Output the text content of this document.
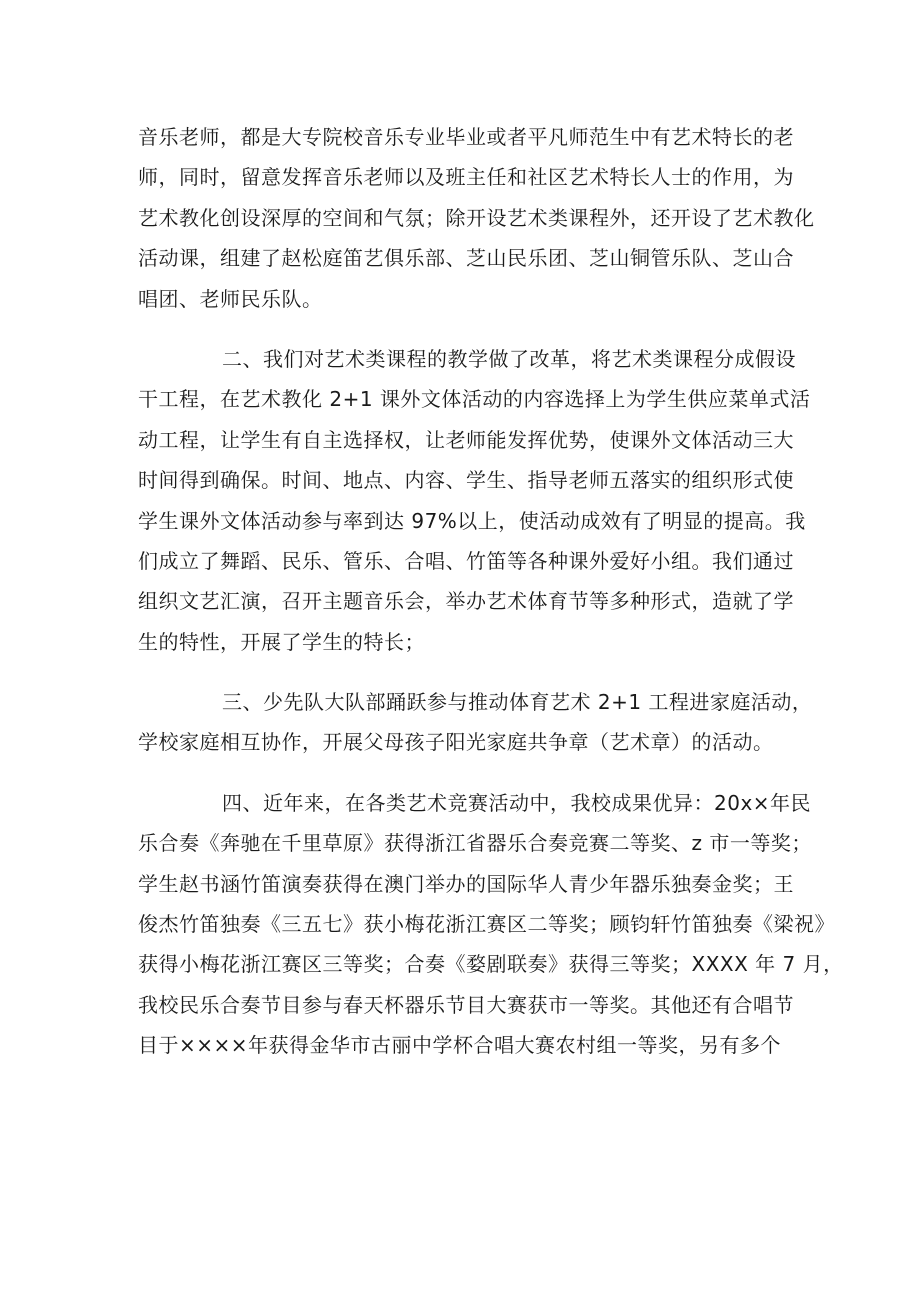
音乐老师，都是大专院校音乐专业毕业或者平凡师范生中有艺术特长的老
师，同时，留意发挥音乐老师以及班主任和社区艺术特长人士的作用，为
艺术教化创设深厚的空间和气氛；除开设艺术类课程外，还开设了艺术教化
活动课，组建了赵松庭笛艺俱乐部、芝山民乐团、芝山铜管乐队、芝山合
唱团、老师民乐队。
二、我们对艺术类课程的教学做了改革，将艺术类课程分成假设
干工程，在艺术教化 2+1 课外文体活动的内容选择上为学生供应菜单式活
动工程，让学生有自主选择权，让老师能发挥优势，使课外文体活动三大
时间得到确保。时间、地点、内容、学生、指导老师五落实的组织形式使
学生课外文体活动参与率到达 97%以上，使活动成效有了明显的提高。我
们成立了舞蹈、民乐、管乐、合唱、竹笛等各种课外爱好小组。我们通过
组织文艺汇演，召开主题音乐会，举办艺术体育节等多种形式，造就了学
生的特性，开展了学生的特长；
三、少先队大队部踊跃参与推动体育艺术 2+1 工程进家庭活动，
学校家庭相互协作，开展父母孩子阳光家庭共争章（艺术章）的活动。
四、近年来，在各类艺术竞赛活动中，我校成果优异：20x×年民
乐合奏《奔驰在千里草原》获得浙江省器乐合奏竞赛二等奖、z 市一等奖；
学生赵书涵竹笛演奏获得在澳门举办的国际华人青少年器乐独奏金奖；王
俊杰竹笛独奏《三五七》获小梅花浙江赛区二等奖；顾钧轩竹笛独奏《梁祝》
获得小梅花浙江赛区三等奖；合奏《婺剧联奏》获得三等奖；XXXX 年 7 月，
我校民乐合奏节目参与春天杯器乐节目大赛获市一等奖。其他还有合唱节
目于××××年获得金华市古丽中学杯合唱大赛农村组一等奖，另有多个
